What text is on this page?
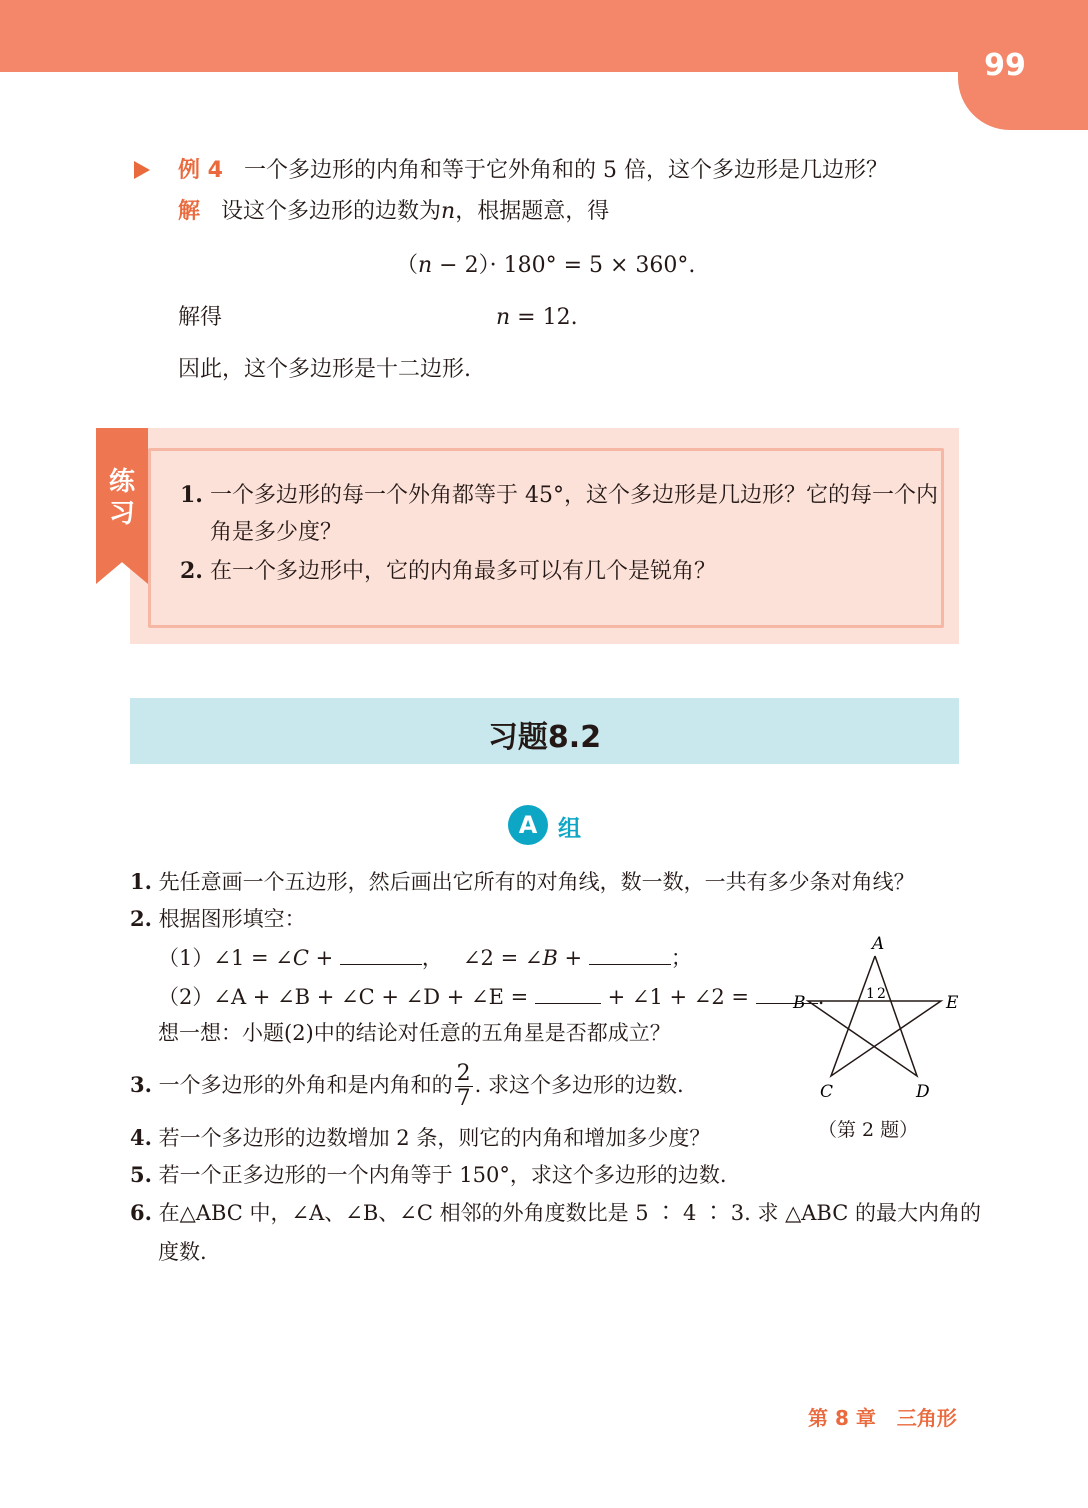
99
例 4 一个多边形的内角和等于它外角和的 5 倍，这个多边形是几边形？
解 设这个多边形的边数为n，根据题意，得
（n − 2）· 180° = 5 × 360°.
解得	n = 12.
因此，这个多边形是十二边形.
练习
1. 一个多边形的每一个外角都等于 45°，这个多边形是几边形？它的每一个内
角是多少度？
2. 在一个多边形中，它的内角最多可以有几个是锐角？
习题8.2
A 组
1. 先任意画一个五边形，然后画出它所有的对角线，数一数，一共有多少条对角线？
2. 根据图形填空：
（1）∠1 = ∠C +	， ∠2 = ∠B +	；
（2）∠A + ∠B + ∠C + ∠D + ∠E =	+ ∠1 + ∠2 =	.
想一想：小题(2)中的结论对任意的五角星是否都成立？
3. 一个多边形的外角和是内角和的 $\frac{2}{7}$ . 求这个多边形的边数.
4. 若一个多边形的边数增加 2 条，则它的内角和增加多少度？
5. 若一个正多边形的一个内角等于 150°，求这个多边形的边数.
6. 在△ABC 中，∠A、∠B、∠C 相邻的外角度数比是 5 ∶ 4 ∶ 3. 求 △ABC 的最大内角的
度数.
A
B	E
C	D
1 2
（第 2 题）
第 8 章 三角形
